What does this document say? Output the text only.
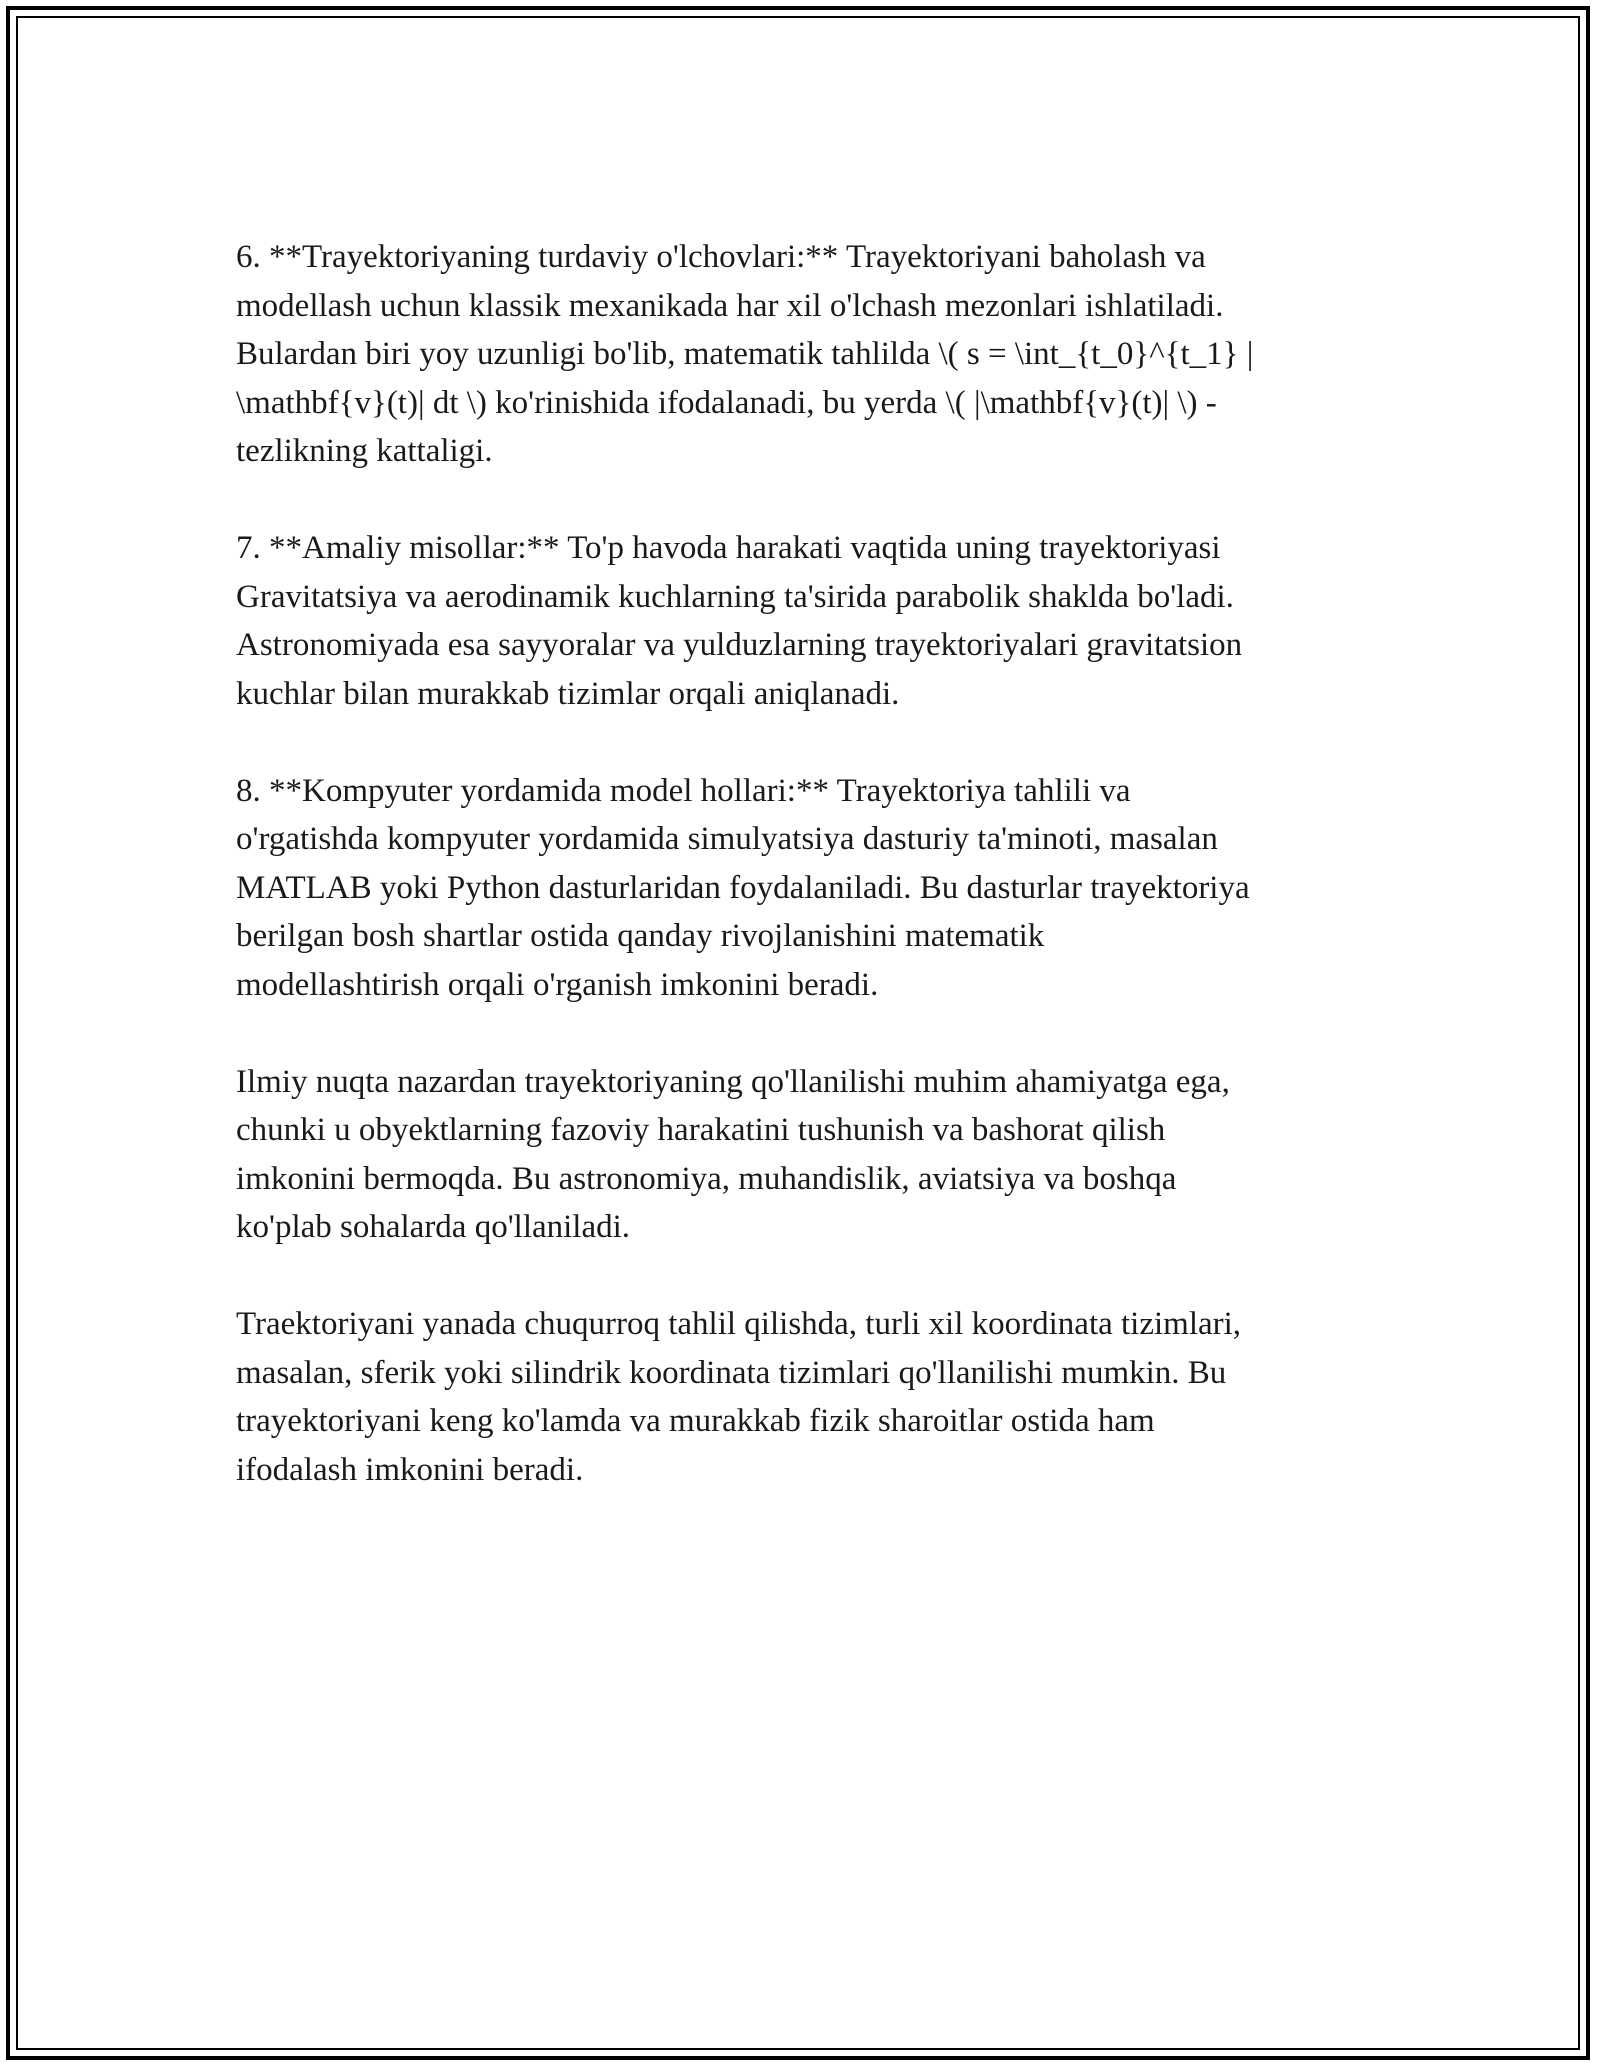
6. **Trayektoriyaning turdaviy o'lchovlari:** Trayektoriyani baholash va
modellash uchun klassik mexanikada har xil o'lchash mezonlari ishlatiladi.
Bulardan biri yoy uzunligi bo'lib, matematik tahlilda \( s = \int_{t_0}^{t_1} |
\mathbf{v}(t)| dt \) ko'rinishida ifodalanadi, bu yerda \( |\mathbf{v}(t)| \) -
tezlikning kattaligi.

7. **Amaliy misollar:** To'p havoda harakati vaqtida uning trayektoriyasi
Gravitatsiya va aerodinamik kuchlarning ta'sirida parabolik shaklda bo'ladi.
Astronomiyada esa sayyoralar va yulduzlarning trayektoriyalari gravitatsion
kuchlar bilan murakkab tizimlar orqali aniqlanadi.

8. **Kompyuter yordamida model hollari:** Trayektoriya tahlili va
o'rgatishda kompyuter yordamida simulyatsiya dasturiy ta'minoti, masalan
MATLAB yoki Python dasturlaridan foydalaniladi. Bu dasturlar trayektoriya
berilgan bosh shartlar ostida qanday rivojlanishini matematik
modellashtirish orqali o'rganish imkonini beradi.

Ilmiy nuqta nazardan trayektoriyaning qo'llanilishi muhim ahamiyatga ega,
chunki u obyektlarning fazoviy harakatini tushunish va bashorat qilish
imkonini bermoqda. Bu astronomiya, muhandislik, aviatsiya va boshqa
ko'plab sohalarda qo'llaniladi.

Traektoriyani yanada chuqurroq tahlil qilishda, turli xil koordinata tizimlari,
masalan, sferik yoki silindrik koordinata tizimlari qo'llanilishi mumkin. Bu
trayektoriyani keng ko'lamda va murakkab fizik sharoitlar ostida ham
ifodalash imkonini beradi.
